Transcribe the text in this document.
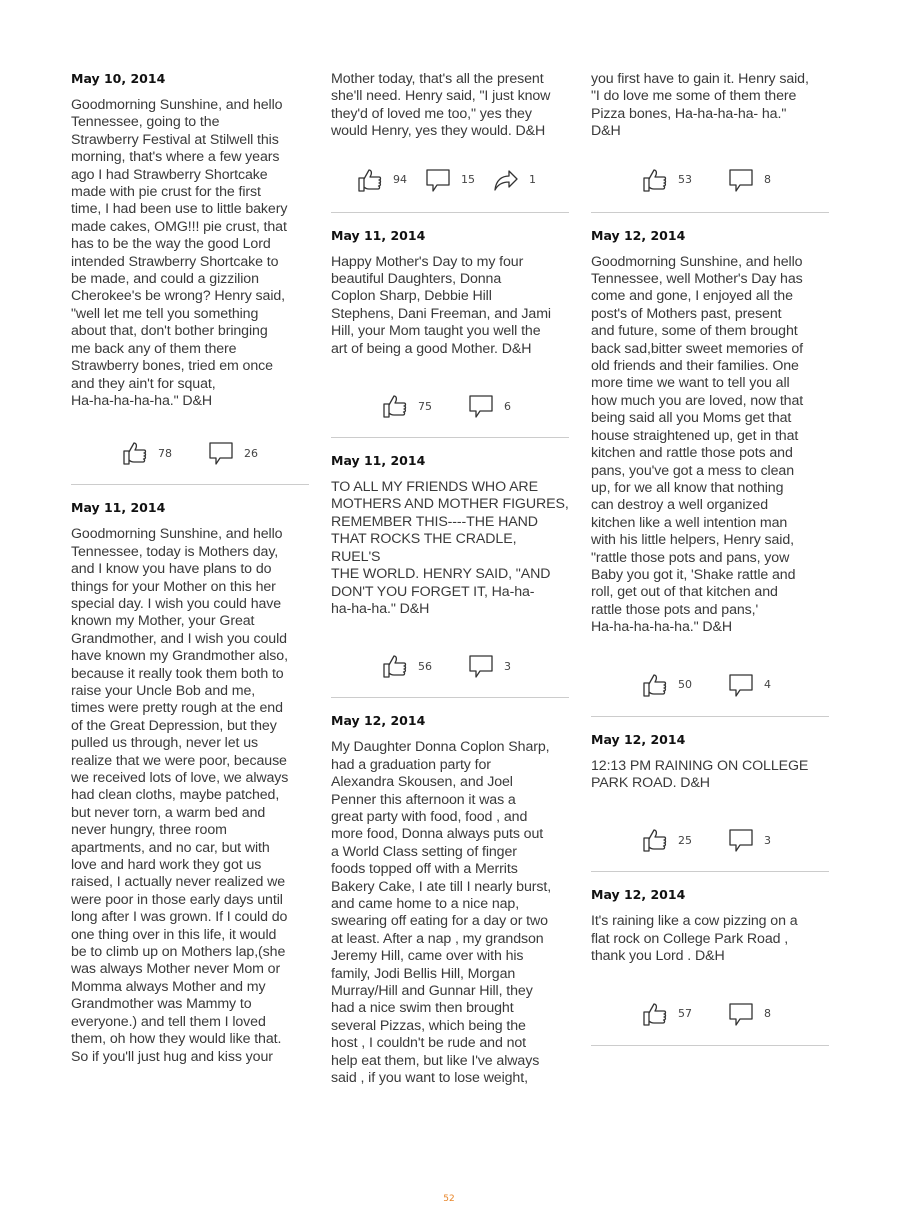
May 10, 2014

Goodmorning Sunshine, and hello
Tennessee, going to the
Strawberry Festival at Stilwell this
morning, that's where a few years
ago I had Strawberry Shortcake
made with pie crust for the first
time, I had been use to little bakery
made cakes, OMG!!! pie crust, that
has to be the way the good Lord
intended Strawberry Shortcake to
be made, and could a gizzilion
Cherokee's be wrong? Henry said,
"well let me tell you something
about that, don't bother bringing
me back any of them there
Strawberry bones, tried em once
and they ain't for squat,
Ha-ha-ha-ha-ha." D&H

78	26
May 11, 2014

Goodmorning Sunshine, and hello
Tennessee, today is Mothers day,
and I know you have plans to do
things for your Mother on this her
special day. I wish you could have
known my Mother, your Great
Grandmother, and I wish you could
have known my Grandmother also,
because it really took them both to
raise your Uncle Bob and me,
times were pretty rough at the end
of the Great Depression, but they
pulled us through, never let us
realize that we were poor, because
we received lots of love, we always
had clean cloths, maybe patched,
but never torn, a warm bed and
never hungry, three room
apartments, and no car, but with
love and hard work they got us
raised, I actually never realized we
were poor in those early days until
long after I was grown. If I could do
one thing over in this life, it would
be to climb up on Mothers lap,(she
was always Mother never Mom or
Momma always Mother and my
Grandmother was Mammy to
everyone.) and tell them I loved
them, oh how they would like that.
So if you'll just hug and kiss your

Mother today, that's all the present
she'll need. Henry said, "I just know
they'd of loved me too," yes they
would Henry, yes they would. D&H

94	15	1
May 11, 2014

Happy Mother's Day to my four
beautiful Daughters, Donna
Coplon Sharp, Debbie Hill
Stephens, Dani Freeman, and Jami
Hill, your Mom taught you well the
art of being a good Mother. D&H

75	6
May 11, 2014

TO ALL MY FRIENDS WHO ARE
MOTHERS AND MOTHER FIGURES,
REMEMBER THIS----THE HAND
THAT ROCKS THE CRADLE, RUEL'S
THE WORLD. HENRY SAID, "AND
DON'T YOU FORGET IT, Ha-ha-
ha-ha-ha." D&H

56	3
May 12, 2014

My Daughter Donna Coplon Sharp,
had a graduation party for
Alexandra Skousen, and Joel
Penner this afternoon it was a
great party with food, food , and
more food, Donna always puts out
a World Class setting of finger
foods topped off with a Merrits
Bakery Cake, I ate till I nearly burst,
and came home to a nice nap,
swearing off eating for a day or two
at least. After a nap , my grandson
Jeremy Hill, came over with his
family, Jodi Bellis Hill, Morgan
Murray/Hill and Gunnar Hill, they
had a nice swim then brought
several Pizzas, which being the
host , I couldn't be rude and not
help eat them, but like I've always
said , if you want to lose weight,

you first have to gain it. Henry said,
"I do love me some of them there
Pizza bones, Ha-ha-ha-ha- ha."
D&H

53	8
May 12, 2014

Goodmorning Sunshine, and hello
Tennessee, well Mother's Day has
come and gone, I enjoyed all the
post's of Mothers past, present
and future, some of them brought
back sad,bitter sweet memories of
old friends and their families. One
more time we want to tell you all
how much you are loved, now that
being said all you Moms get that
house straightened up, get in that
kitchen and rattle those pots and
pans, you've got a mess to clean
up, for we all know that nothing
can destroy a well organized
kitchen like a well intention man
with his little helpers, Henry said,
"rattle those pots and pans, yow
Baby you got it, 'Shake rattle and
roll, get out of that kitchen and
rattle those pots and pans,'
Ha-ha-ha-ha-ha." D&H

50	4
May 12, 2014

12:13 PM RAINING ON COLLEGE
PARK ROAD. D&H

25	3
May 12, 2014

It's raining like a cow pizzing on a
flat rock on College Park Road ,
thank you Lord . D&H

57	8
52
